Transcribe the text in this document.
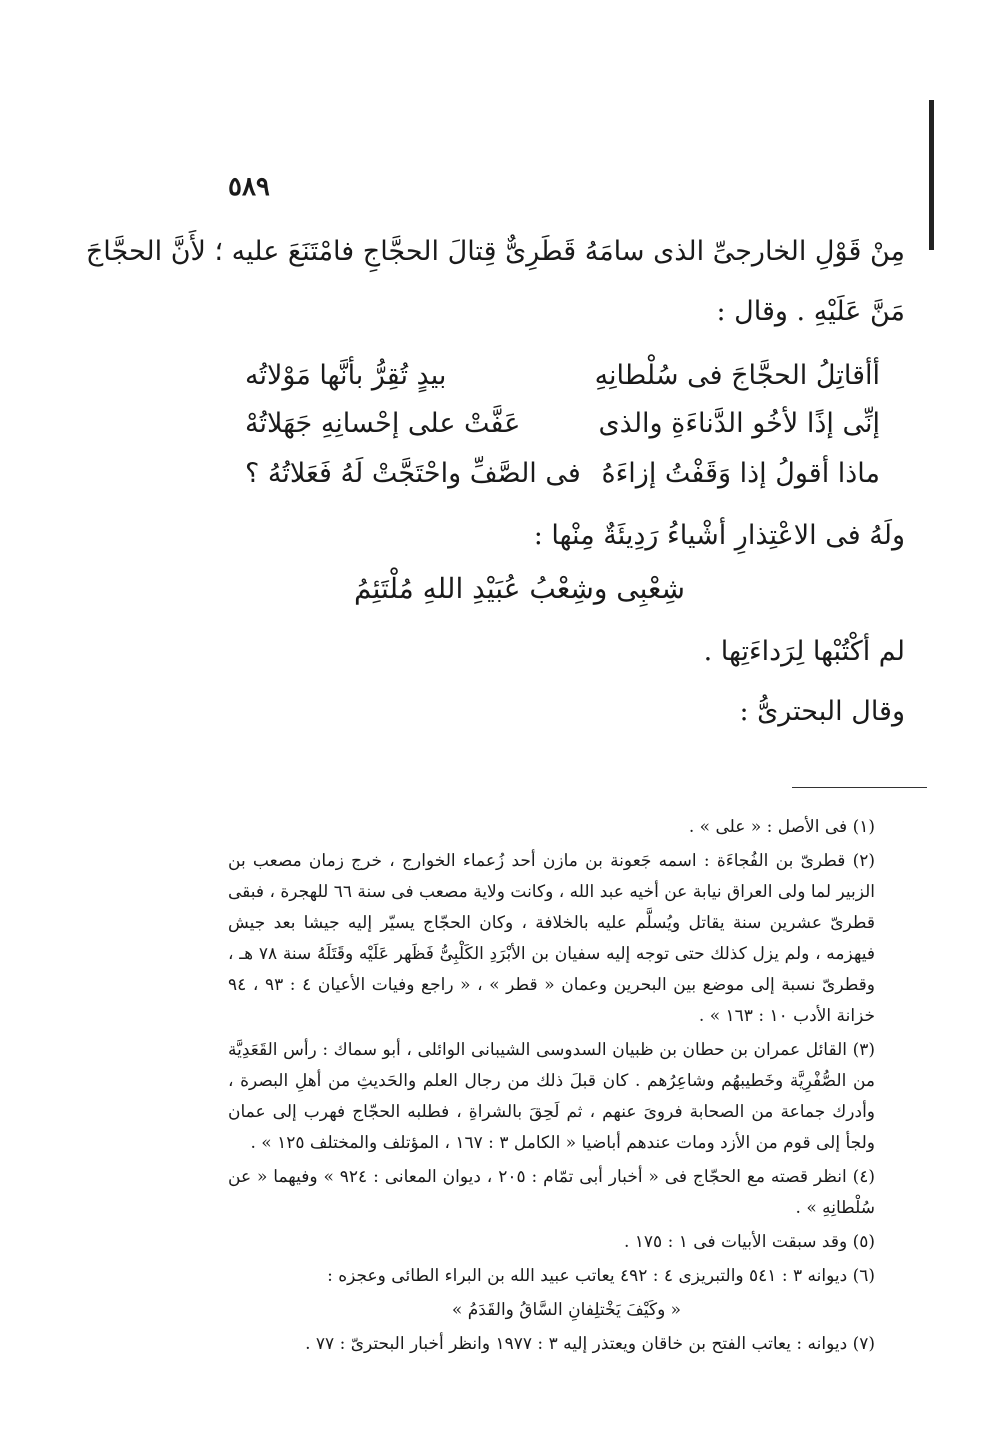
٥٨٩
مِنْ قَوْلِ الخارجىِّ الذى سامَهُ قَطَرِىٌّ قِتالَ الحجَّاجِ فامْتَنَعَ عليه ؛ لأَنَّ الحجَّاجَ
مَنَّ عَلَيْهِ . وقال :
أأقاتِلُ الحجَّاجَ فى سُلْطانِهِ
بيدٍ تُقِرُّ بأنَّها مَوْلاتُه
إنِّى إذًا لأخُو الدَّناءَةِ والذى
عَفَّتْ على إحْسانِهِ جَهَلاتُهْ
ماذا أقولُ إذا وَقَفْتُ إزاءَهُ
فى الصَّفِّ واحْتَجَّتْ لَهُ فَعَلاتُهُ ؟
ولَهُ فى الاعْتِذارِ أشْياءُ رَدِيئَةٌ مِنْها :
شِعْبِى وشِعْبُ عُبَيْدِ اللهِ مُلْتَئِمُ
لم أكْتُبْها لِرَداءَتِها .
وقال البحترىُّ :
(١) فى الأصل : « على » .
(٢) قطرىّ بن الفُجاءَة : اسمه جَعونة بن مازن أحد زُعماء الخوارج ، خرج زمان مصعب بن الزبير لما ولى العراق نيابة عن أخيه عبد الله ، وكانت ولاية مصعب فى سنة ٦٦ للهجرة ، فبقى قطرىّ عشرين سنة يقاتل ويُسلَّم عليه بالخلافة ، وكان الحجّاج يسيّر إليه جيشا بعد جيش فيهزمه ، ولم يزل كذلك حتى توجه إليه سفيان بن الأبْرَدِ الكَلْبِىُّ فَظَهر عَلَيْه وقَتَلَهُ سنة ٧٨ هـ ، وقطرىّ نسبة إلى موضع بين البحرين وعمان « قطر » ، « راجع وفيات الأعيان ٤ : ٩٣ ، ٩٤ خزانة الأدب ١٠ : ١٦٣ » .
(٣) القائل عمران بن حطان بن ظبيان السدوسى الشيبانى الوائلى ، أبو سماك : رأس القَعَدِيَّة من الصُّفْرِيَّة وخَطيبهُم وشاعِرُهم . كان قبلَ ذلك من رجال العلم والحَديثِ من أهلِ البصرة ، وأدرك جماعة من الصحابة فروىَ عنهم ، ثم لَحِقَ بالشراةِ ، فطلبه الحجّاج فهرب إلى عمان ولجأ إلى قوم من الأزد ومات عندهم أباضيا « الكامل ٣ : ١٦٧ ، المؤتلف والمختلف ١٢٥ » .
(٤) انظر قصته مع الحجّاج فى « أخبار أبى تمّام : ٢٠٥ ، ديوان المعانى : ٩٢٤ » وفيهما « عن سُلْطانِهِ » .
(٥) وقد سبقت الأبيات فى ١ : ١٧٥ .
(٦) ديوانه ٣ : ٥٤١ والتبريزى ٤ : ٤٩٢ يعاتب عبيد الله بن البراء الطائى وعجزه :
« وكَيْفَ يَخْتلِفانِ السَّاقُ والقَدَمُ »
(٧) ديوانه : يعاتب الفتح بن خاقان ويعتذر إليه ٣ : ١٩٧٧ وانظر أخبار البحترىّ : ٧٧ .
